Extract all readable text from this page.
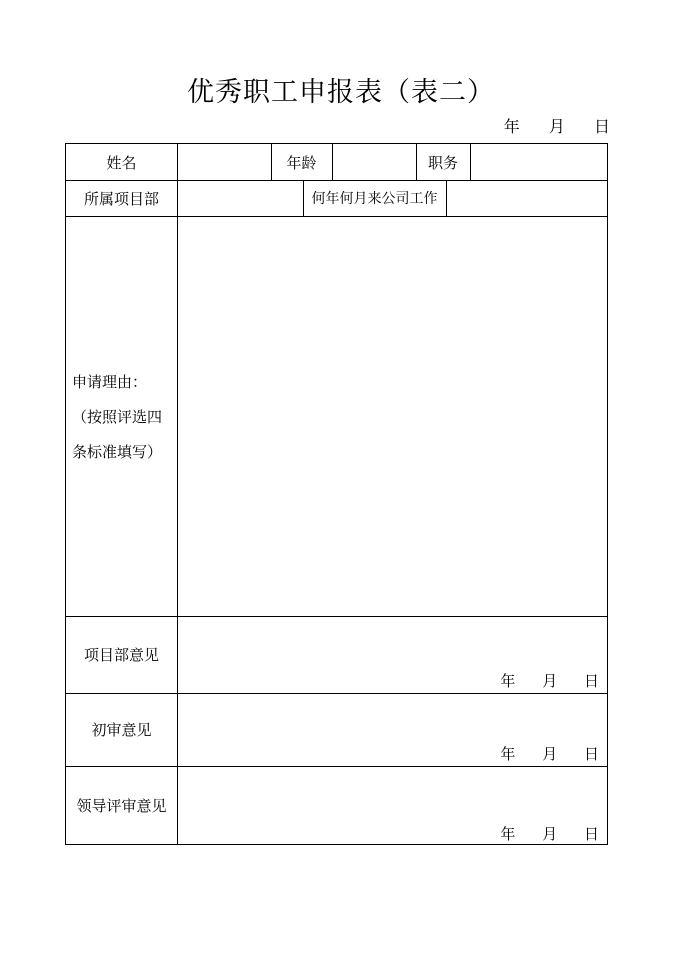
优秀职工申报表（表二）
年 月 日
姓名	年龄	职务
所属项目部	何年何月来公司工作
申请理由：
（按照评选四
条标准填写）
项目部意见
年 月 日
初审意见
年 月 日
领导评审意见
年 月 日
